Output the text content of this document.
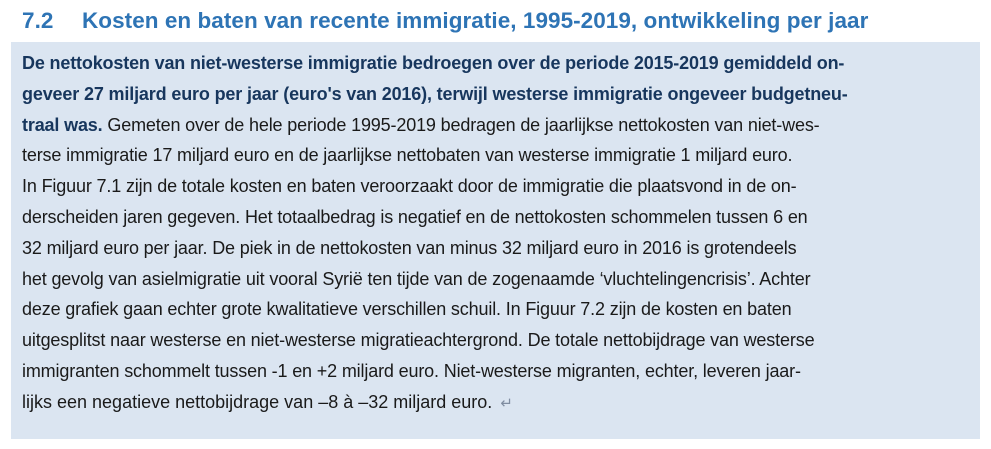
7.2 Kosten en baten van recente immigratie, 1995-2019, ontwikkeling per jaar
De nettokosten van niet-westerse immigratie bedroegen over de periode 2015-2019 gemiddeld on-
geveer 27 miljard euro per jaar (euro's van 2016), terwijl westerse immigratie ongeveer budgetneu-
traal was. Gemeten over de hele periode 1995-2019 bedragen de jaarlijkse nettokosten van niet-wes-
terse immigratie 17 miljard euro en de jaarlijkse nettobaten van westerse immigratie 1 miljard euro.
In Figuur 7.1 zijn de totale kosten en baten veroorzaakt door de immigratie die plaatsvond in de on-
derscheiden jaren gegeven. Het totaalbedrag is negatief en de nettokosten schommelen tussen 6 en
32 miljard euro per jaar. De piek in de nettokosten van minus 32 miljard euro in 2016 is grotendeels
het gevolg van asielmigratie uit vooral Syrië ten tijde van de zogenaamde ‘vluchtelingencrisis’. Achter
deze grafiek gaan echter grote kwalitatieve verschillen schuil. In Figuur 7.2 zijn de kosten en baten
uitgesplitst naar westerse en niet-westerse migratieachtergrond. De totale nettobijdrage van westerse
immigranten schommelt tussen -1 en +2 miljard euro. Niet-westerse migranten, echter, leveren jaar-
lijks een negatieve nettobijdrage van –8 à –32 miljard euro. ↵
